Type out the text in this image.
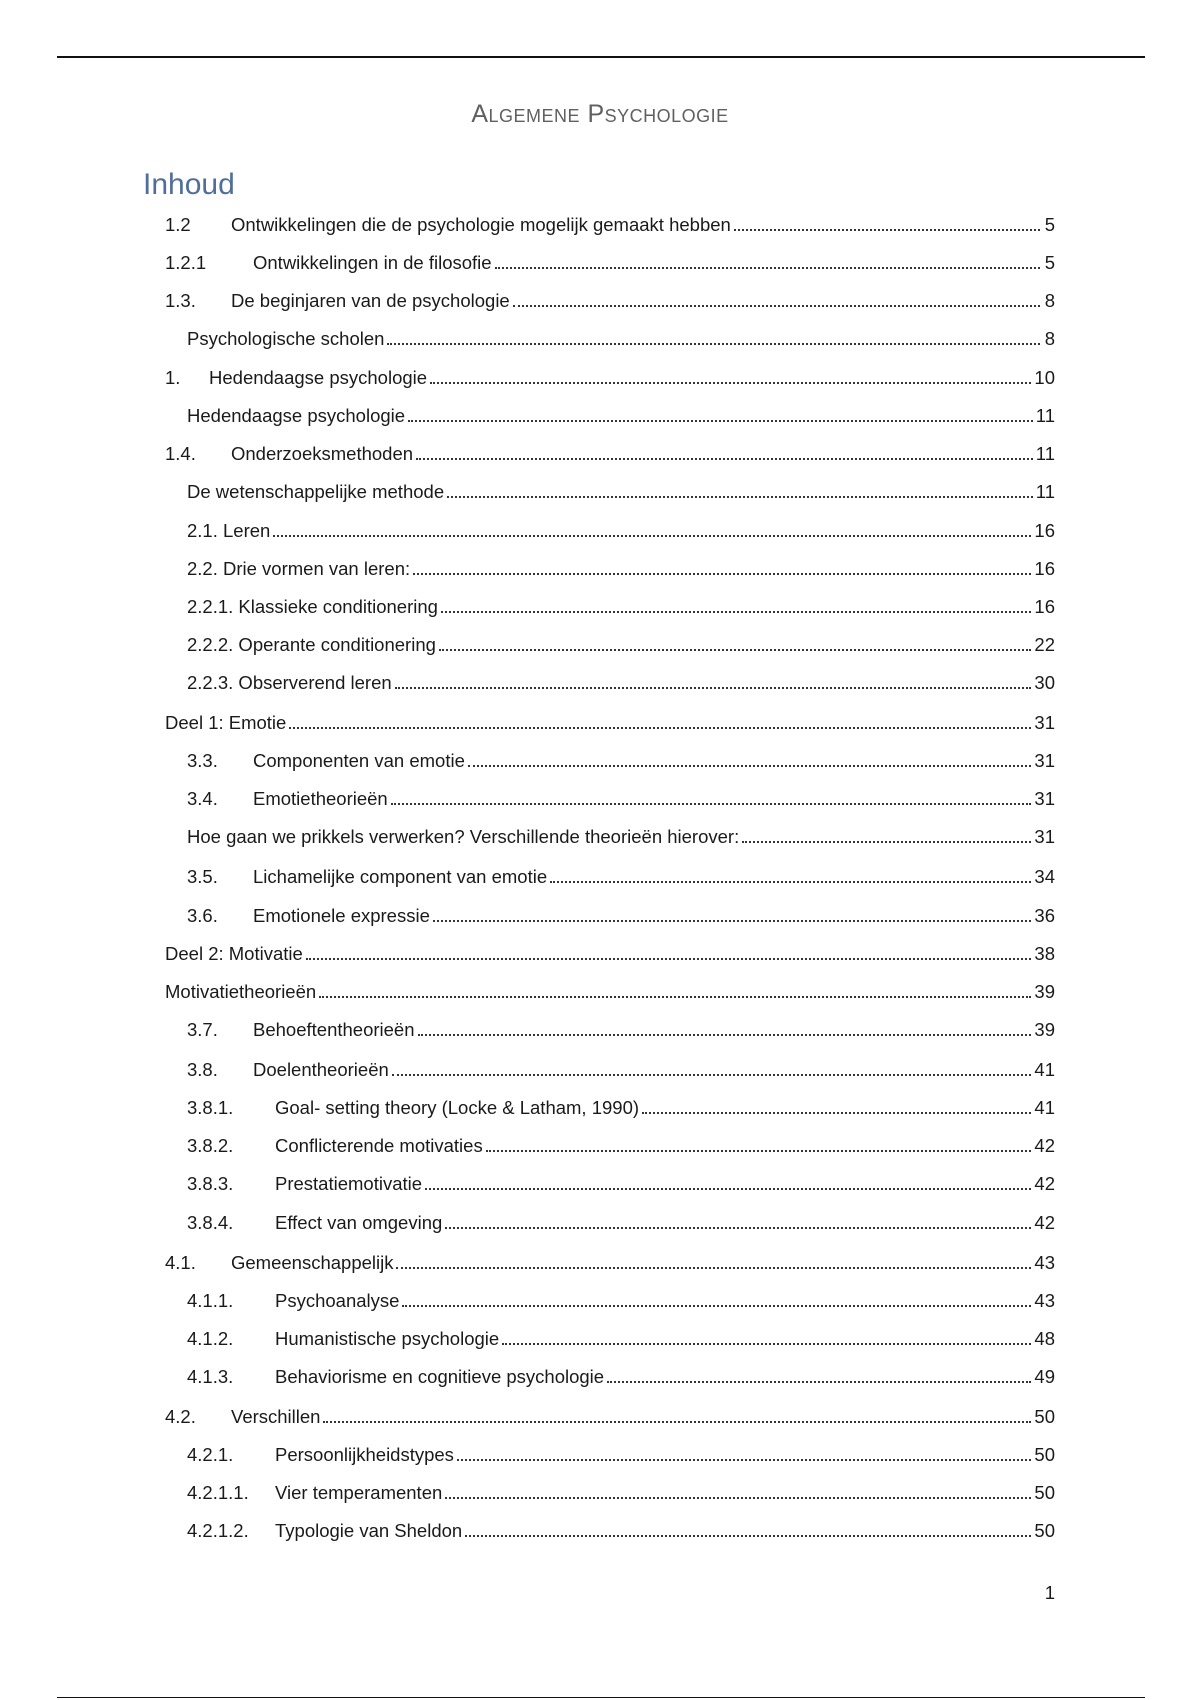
Algemene Psychologie
Inhoud
1.2	Ontwikkelingen die de psychologie mogelijk gemaakt hebben	5
1.2.1	Ontwikkelingen in de filosofie	5
1.3.	De beginjaren van de psychologie	8
Psychologische scholen	8
1.	Hedendaagse psychologie	10
Hedendaagse psychologie	11
1.4.	Onderzoeksmethoden	11
De wetenschappelijke methode	11
2.1. Leren	16
2.2. Drie vormen van leren:	16
2.2.1. Klassieke conditionering	16
2.2.2. Operante conditionering	22
2.2.3. Observerend leren	30
Deel 1: Emotie	31
3.3.	Componenten van emotie	31
3.4.	Emotietheorieën	31
Hoe gaan we prikkels verwerken? Verschillende theorieën hierover:	31
3.5.	Lichamelijke component van emotie	34
3.6.	Emotionele expressie	36
Deel 2: Motivatie	38
Motivatietheorieën	39
3.7.	Behoeftentheorieën	39
3.8.	Doelentheorieën	41
3.8.1.	Goal- setting theory (Locke & Latham, 1990)	41
3.8.2.	Conflicterende motivaties	42
3.8.3.	Prestatiemotivatie	42
3.8.4.	Effect van omgeving	42
4.1.	Gemeenschappelijk	43
4.1.1.	Psychoanalyse	43
4.1.2.	Humanistische psychologie	48
4.1.3.	Behaviorisme en cognitieve psychologie	49
4.2.	Verschillen	50
4.2.1.	Persoonlijkheidstypes	50
4.2.1.1.	Vier temperamenten	50
4.2.1.2.	Typologie van Sheldon	50
1
